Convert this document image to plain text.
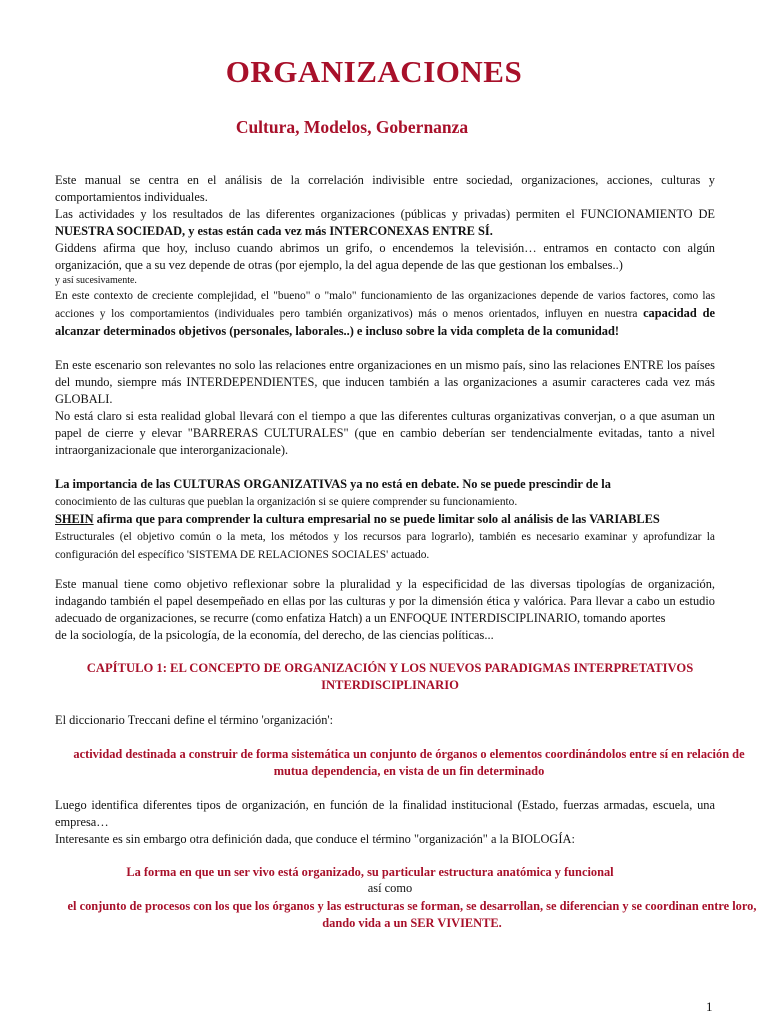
ORGANIZACIONES
Cultura, Modelos, Gobernanza
Este manual se centra en el análisis de la correlación indivisible entre sociedad, organizaciones, acciones, culturas y comportamientos individuales.
Las actividades y los resultados de las diferentes organizaciones (públicas y privadas) permiten el FUNCIONAMIENTO DE NUESTRA SOCIEDAD, y estas están cada vez más INTERCONEXAS ENTRE SÍ.
Giddens afirma que hoy, incluso cuando abrimos un grifo, o encendemos la televisión… entramos en contacto con algún organización, que a su vez depende de otras (por ejemplo, la del agua depende de las que gestionan los embalses..)
y así sucesivamente.
En este contexto de creciente complejidad, el "bueno" o "malo" funcionamiento de las organizaciones depende de varios factores, como las acciones y los comportamientos (individuales pero también organizativos) más o menos orientados, influyen en nuestra capacidad de alcanzar determinados objetivos (personales, laborales..) e incluso sobre la vida completa de la comunidad!
En este escenario son relevantes no solo las relaciones entre organizaciones en un mismo país, sino las relaciones ENTRE los países del mundo, siempre más INTERDEPENDIENTES, que inducen también a las organizaciones a asumir caracteres cada vez más GLOBALI.
No está claro si esta realidad global llevará con el tiempo a que las diferentes culturas organizativas converjan, o a que asuman un papel de cierre y elevar "BARRERAS CULTURALES" (que en cambio deberían ser tendencialmente evitadas, tanto a nivel intraorganizacionale que interorganizacionale).
La importancia de las CULTURAS ORGANIZATIVAS ya no está en debate. No se puede prescindir de la
conocimiento de las culturas que pueblan la organización si se quiere comprender su funcionamiento.
SHEIN afirma que para comprender la cultura empresarial no se puede limitar solo al análisis de las VARIABLES
Estructurales (el objetivo común o la meta, los métodos y los recursos para lograrlo), también es necesario examinar y aprofundizar la configuración del específico 'SISTEMA DE RELACIONES SOCIALES' actuado.
Este manual tiene como objetivo reflexionar sobre la pluralidad y la especificidad de las diversas tipologías de organización, indagando también el papel desempeñado en ellas por las culturas y por la dimensión ética y valórica. Para llevar a cabo un estudio adecuado de organizaciones, se recurre (como enfatiza Hatch) a un ENFOQUE INTERDISCIPLINARIO, tomando aportes
de la sociología, de la psicología, de la economía, del derecho, de las ciencias políticas...
CAPÍTULO 1: EL CONCEPTO DE ORGANIZACIÓN Y LOS NUEVOS PARADIGMAS INTERPRETATIVOS
INTERDISCIPLINARIO
El diccionario Treccani define el término 'organización':

actividad destinada a construir de forma sistemática un conjunto de órganos o elementos coordinándolos entre sí en relación de mutua dependencia, en vista de un fin determinado

Luego identifica diferentes tipos de organización, en función de la finalidad institucional (Estado, fuerzas armadas, escuela, una empresa…
Interesante es sin embargo otra definición dada, que conduce el término "organización" a la BIOLOGÍA:

La forma en que un ser vivo está organizado, su particular estructura anatómica y funcional

así como

el conjunto de procesos con los que los órganos y las estructuras se forman, se desarrollan, se diferencian y se coordinan entre loro, dando vida a un SER VIVIENTE.

1
